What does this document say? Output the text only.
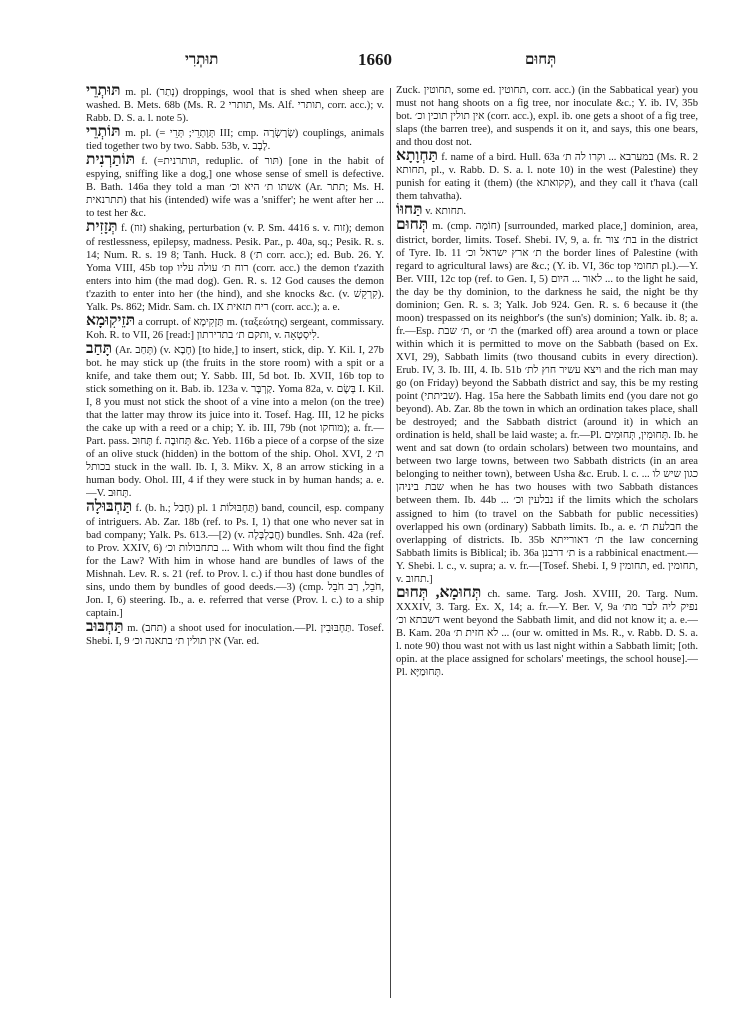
תוּתְרִי	1660	תְּחוּם

תּוּתְרֵי m. pl. (נְתַר) droppings, wool that is shed when sheep are washed. B. Mets. 68b (Ms. R. 2 תותרי, Ms. Alf. תותרי, corr. acc.); v. Rabb. D. S. a. l. note 5).

תּוֹתְרֵי m. pl. (= תְּוָתְרֵי; תְּרֵי III; cmp. שְׂרָשְׂרָה) couplings, animals tied together two by two. Sabb. 53b, v. לָבָב.

תּוֹתַרְנִית f. (=תּותרנית, reduplic. of תּור) [one in the habit of espying, sniffing like a dog,] one whose sense of smell is defective. B. Bath. 146a they told a man אשתו ת׳ היא וכ׳ (Ar. תתר; Ms. H. תתרנאית) that his (intended) wife was a 'sniffer'; he went after her ... to test her &c.

תְּזָזִית f. (זוז) shaking, perturbation (v. P. Sm. 4416 s. v. זוח); demon of restlessness, epilepsy, madness. Pesik. Par., p. 40a, sq.; Pesik. R. s. 14; Num. R. s. 19 8; Tanh. Huck. 8 (ת׳ corr. acc.); ed. Bub. 26. Y. Yoma VIII, 45b top רוח ת׳ עולה עליו (corr. acc.) the demon t'zazith enters into him (the mad dog). Gen. R. s. 12 God causes the demon t'zazith to enter into her (the hind), and she knocks &c. (v. קִרְקֵשׁ). Yalk. Ps. 862; Midr. Sam. ch. IX ריח תזאית (corr. acc.); a. e.

תּזֵיקִוּמָא a corrupt. of תַּזְקִימָא m. (ταξεώτης) sergeant, commissary. Koh. R. to VII, 26 [read:] ותקם ת׳ בתדירתון, v. לִיסְטָאָה.

תָּחַב (Ar. תְּחַב) (v. חָבָא) [to hide,] to insert, stick, dip. Y. Kil. I, 27b bot. he may stick up (the fruits in the store room) with a spit or a knife, and take them out; Y. Sabb. III, 5d bot. Ib. XVII, 16b top to stick something on it. Bab. ib. 123a v. קַרְבָּר. Yoma 82a, v. בְּשָׂם I. Kil. I, 8 you must not stick the shoot of a vine into a melon (on the tree) that the latter may throw its juice into it. Tosef. Hag. III, 12 he picks the cake up with a reed or a chip; Y. ib. III, 79b (not מוחקו); a. fr.—Part. pass. תָּחוּב f. תְּחוּבָה &c. Yeb. 116b a piece of a corpse of the size of an olive stuck (hidden) in the bottom of the ship. Ohol. XVI, 2 ת׳ בכותל stuck in the wall. Ib. I, 3. Mikv. X, 8 an arrow sticking in a human body. Ohol. III, 4 if they were stuck in by human hands; a. e.—V. תָּחוּב.

תַּחְבּוּלָה f. (b. h.; חָבַל) pl. תַּחְבּוּלוֹת 1) band, council, esp. company of intriguers. Ab. Zar. 18b (ref. to Ps. I, 1) that one who never sat in bad company; Yalk. Ps. 613.—[2) (v. חֲבַלְבָּלָה) bundles. Snh. 42a (ref. to Prov. XXIV, 6) בתחבולות וכ׳ ... With whom wilt thou find the fight for the Law? With him in whose hand are bundles of laws of the Mishnah. Lev. R. s. 21 (ref. to Prov. l. c.) if thou hast done bundles of sins, undo them by bundles of good deeds.—3) (cmp. חֹבֵל, רַב חֹבֵל, Jon. I, 6) steering. Ib., a. e. referred that verse (Prov. l. c.) to a ship captain.]

תַּחְבּוּב m. (תחב) a shoot used for inoculation.—Pl. תַּחְבּוּבִין. Tosef. Shebi. I, 9 אין תולין ת׳ בתאנה וכ׳ (Var. ed.

Zuck. תחוטין, some ed. תחוטין, corr. acc.) (in the Sabbatical year) you must not hang shoots on a fig tree, nor inoculate &c.; Y. ib. IV, 35b bot. אין תולין תוכין וכ׳ (corr. acc.), expl. ib. one gets a shoot of a fig tree, slaps (the barren tree), and suspends it on it, and says, this one bears, and thou dost not.

תַּחְוָתָא f. name of a bird. Hull. 63a במערבא ... וקרו לה ת׳ (Ms. R. 2 תחותא, pl., v. Rabb. D. S. a. l. note 10) in the west (Palestine) they punish for eating it (them) (the קקואתא), and they call it t'hava (call them tahvatha).

תַּחוּוֹ v. תחותא.

תְּחוּם m. (cmp. חוֹמָה) [surrounded, marked place,] dominion, area, district, border, limits. Tosef. Shebi. IV, 9, a. fr. בת׳ צור in the district of Tyre. Ib. 11 ת׳ ארץ ישראל וכ׳ the border lines of Palestine (with regard to agricultural laws) are &c.; (Y. ib. VI, 36c top תחומי pl.).—Y. Ber. VIII, 12c top (ref. to Gen. I, 5) לאור ... היום ... to the light he said, the day be thy dominion, to the darkness he said, the night be thy dominion; Gen. R. s. 3; Yalk. Job 924. Gen. R. s. 6 because it (the moon) trespassed on its neighbor's (the sun's) dominion; Yalk. ib. 8; a. fr.—Esp. ת׳ שבת, or ת׳ the (marked off) area around a town or place within which it is permitted to move on the Sabbath (based on Ex. XVI, 29), Sabbath limits (two thousand cubits in every direction). Erub. IV, 3. Ib. III, 4. Ib. 51b ויצא עשיר חוץ לת׳ and the rich man may go (on Friday) beyond the Sabbath district and say, this be my resting point (שביתתי). Hag. 15a here the Sabbath limits end (you dare not go beyond). Ab. Zar. 8b the town in which an ordination takes place, shall be destroyed; and the Sabbath district (around it) in which an ordination is held, shall be laid waste; a. fr.—Pl. תְּחוּמִין, תְּחוּמִים. Ib. he went and sat down (to ordain scholars) between two mountains, and between two large towns, between two Sabbath districts (in an area belonging to neither town), between Usha &c. Erub. l. c. כגון שיש לו ... שבת ביניהן when he has two houses with two Sabbath distances between them. Ib. 44b ... נבלעין וכ׳ if the limits which the scholars assigned to him (to travel on the Sabbath for public necessities) overlapped his own (ordinary) Sabbath limits. Ib., a. e. חבלעת ת׳ the overlapping of districts. Ib. 35b ת׳ דאורייתא the law concerning Sabbath limits is Biblical; ib. 36a ת׳ דרבנן is a rabbinical enactment.—Y. Shebi. l. c., v. supra; a. v. fr.—[Tosef. Shebi. I, 9 תחומין, ed. תחומין, v. תחוב.]

תְּחוּמָא, תְּחוּם ch. same. Targ. Josh. XVIII, 20. Targ. Num. XXXIV, 3. Targ. Ex. X, 14; a. fr.—Y. Ber. V, 9a נפיק ליה לבר מת׳ דשבתא וכ׳ went beyond the Sabbath limit, and did not know it; a. e.—B. Kam. 20a לא חזית ת׳ ... (our w. omitted in Ms. R., v. Rabb. D. S. a. l. note 90) thou wast not with us last night within a Sabbath limit; [oth. opin. at the place assigned for scholars' meetings, the school house].—Pl. תְּחוּמַיָּא.
